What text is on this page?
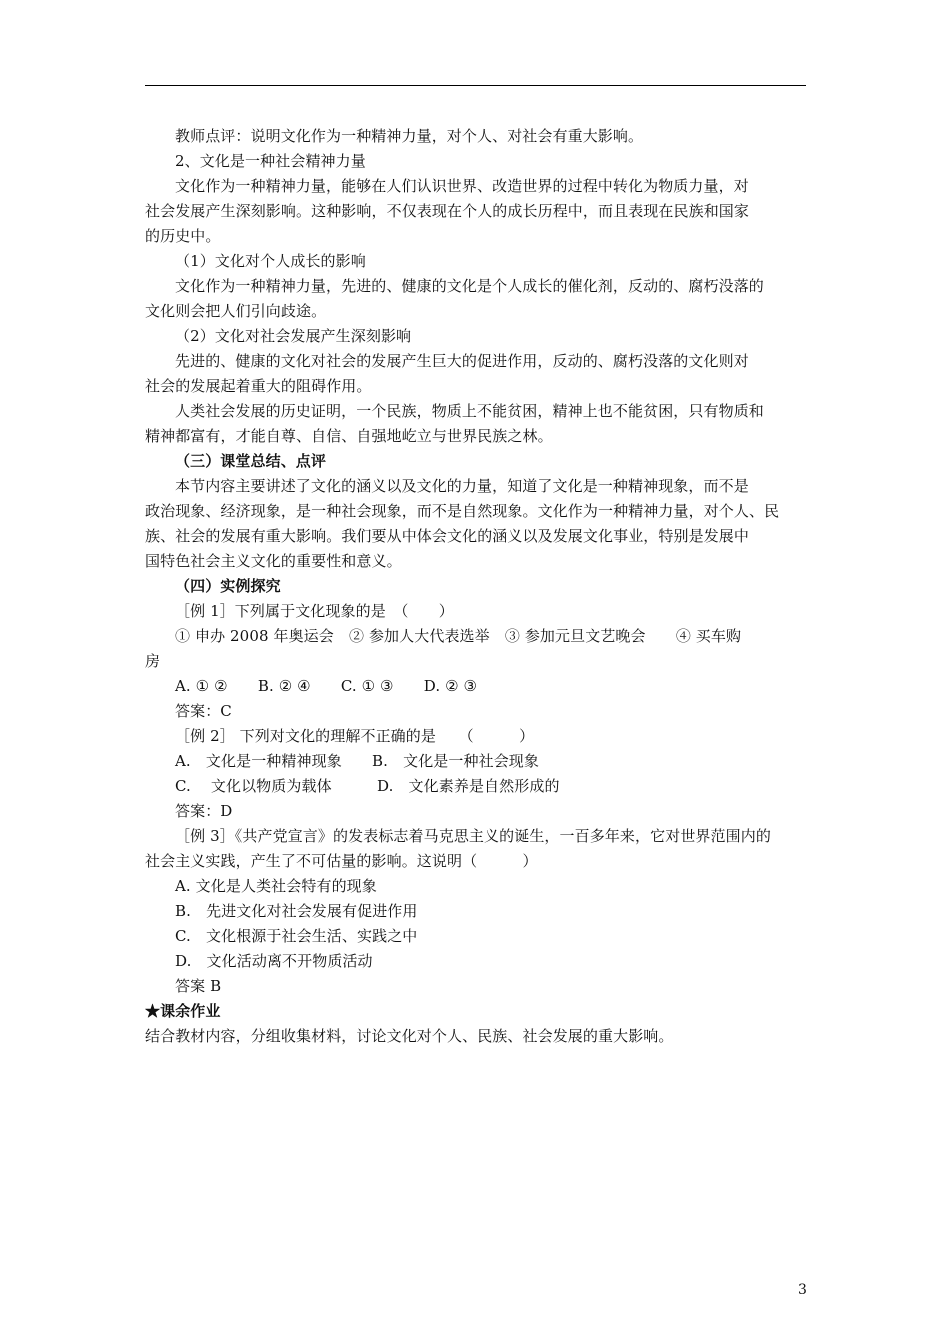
教师点评：说明文化作为一种精神力量，对个人、对社会有重大影响。
2、文化是一种社会精神力量
文化作为一种精神力量，能够在人们认识世界、改造世界的过程中转化为物质力量，对
社会发展产生深刻影响。这种影响，不仅表现在个人的成长历程中，而且表现在民族和国家
的历史中。
（1）文化对个人成长的影响
文化作为一种精神力量，先进的、健康的文化是个人成长的催化剂，反动的、腐朽没落的
文化则会把人们引向歧途。
（2）文化对社会发展产生深刻影响
先进的、健康的文化对社会的发展产生巨大的促进作用，反动的、腐朽没落的文化则对
社会的发展起着重大的阻碍作用。
人类社会发展的历史证明，一个民族，物质上不能贫困，精神上也不能贫困，只有物质和
精神都富有，才能自尊、自信、自强地屹立与世界民族之林。
（三）课堂总结、点评
本节内容主要讲述了文化的涵义以及文化的力量，知道了文化是一种精神现象，而不是
政治现象、经济现象，是一种社会现象，而不是自然现象。文化作为一种精神力量，对个人、民
族、社会的发展有重大影响。我们要从中体会文化的涵义以及发展文化事业，特别是发展中
国特色社会主义文化的重要性和意义。
（四）实例探究
［例 1］下列属于文化现象的是　（　　）
① 申办 2008 年奥运会　② 参加人大代表选举　③ 参加元旦文艺晚会　　④ 买车购
房
A. ① ②　　B. ② ④　　C. ① ③　　D. ② ③
答案：C
［例 2］ 下列对文化的理解不正确的是　　（　　　）
A.　文化是一种精神现象　　B.　文化是一种社会现象
C.　 文化以物质为载体　　　D.　文化素养是自然形成的
答案：D
［例 3］《共产党宣言》的发表标志着马克思主义的诞生，一百多年来，它对世界范围内的
社会主义实践，产生了不可估量的影响。这说明（　　　）
A. 文化是人类社会特有的现象
B.　先进文化对社会发展有促进作用
C.　文化根源于社会生活、实践之中
D.　文化活动离不开物质活动
答案 B
★课余作业
结合教材内容，分组收集材料，讨论文化对个人、民族、社会发展的重大影响。
3
